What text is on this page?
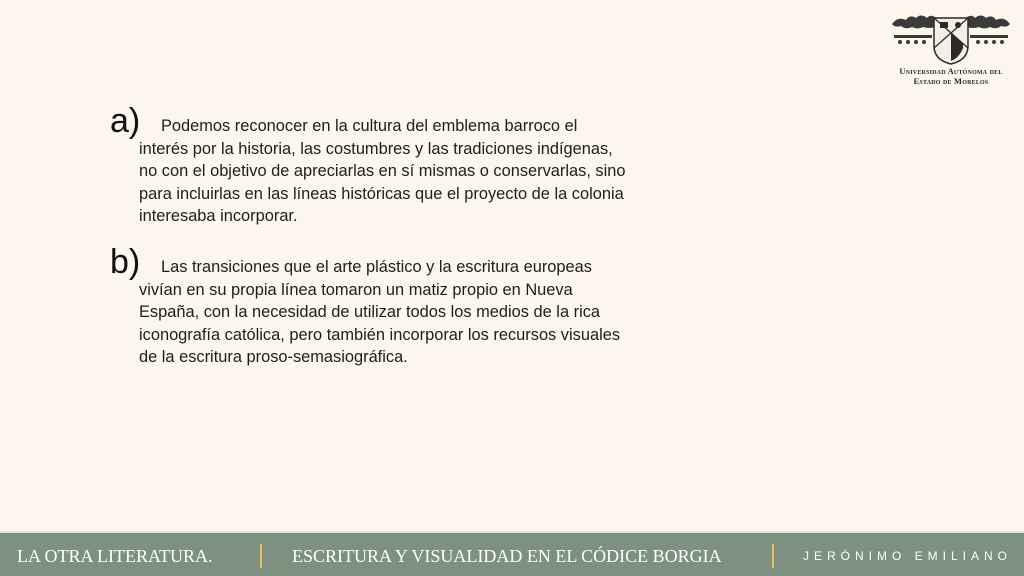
Universidad Autónoma del
Estado de Morelos
a)	Podemos reconocer en la cultura del emblema barroco el interés por la historia, las costumbres y las tradiciones indígenas, no con el objetivo de apreciarlas en sí mismas o conservarlas, sino para incluirlas en las líneas históricas que el proyecto de la colonia interesaba incorporar.

b)	Las transiciones que el arte plástico y la escritura europeas vivían en su propia línea tomaron un matiz propio en Nueva España, con la necesidad de utilizar todos los medios de la rica iconografía católica, pero también incorporar los recursos visuales de la escritura proso-semasiográfica.

LA OTRA LITERATURA.	ESCRITURA Y VISUALIDAD EN EL CÓDICE BORGIA	JERÓNIMO EMILIANO
